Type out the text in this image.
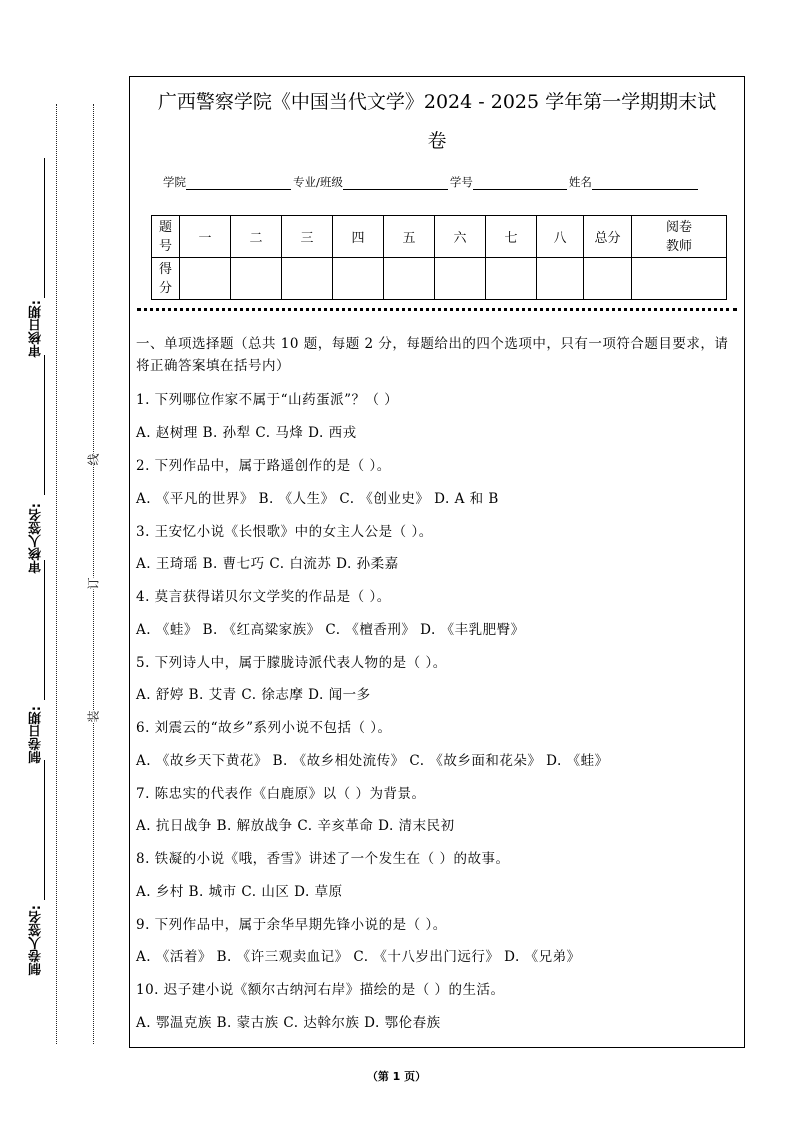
审核日期:
审核人签名:
制卷日期:
制卷人签名:
线
订
装
广西警察学院《中国当代文学》2024 - 2025 学年第一学期期末试
卷
学院	专业/班级	学号	姓名
题号	一	二	三	四	五	六	七	八	总分	阅卷教师
得分										
一、单项选择题（总共 10 题，每题 2 分，每题给出的四个选项中，只有一项符合题目要求，请将正确答案填在括号内）
1. 下列哪位作家不属于“山药蛋派”？（ ）
A. 赵树理 B. 孙犁 C. 马烽 D. 西戎
2. 下列作品中，属于路遥创作的是（ ）。
A. 《平凡的世界》 B. 《人生》 C. 《创业史》 D. A 和 B
3. 王安忆小说《长恨歌》中的女主人公是（ ）。
A. 王琦瑶 B. 曹七巧 C. 白流苏 D. 孙柔嘉
4. 莫言获得诺贝尔文学奖的作品是（ ）。
A. 《蛙》 B. 《红高粱家族》 C. 《檀香刑》 D. 《丰乳肥臀》
5. 下列诗人中，属于朦胧诗派代表人物的是（ ）。
A. 舒婷 B. 艾青 C. 徐志摩 D. 闻一多
6. 刘震云的“故乡”系列小说不包括（ ）。
A. 《故乡天下黄花》 B. 《故乡相处流传》 C. 《故乡面和花朵》 D. 《蛙》
7. 陈忠实的代表作《白鹿原》以（ ）为背景。
A. 抗日战争 B. 解放战争 C. 辛亥革命 D. 清末民初
8. 铁凝的小说《哦，香雪》讲述了一个发生在（ ）的故事。
A. 乡村 B. 城市 C. 山区 D. 草原
9. 下列作品中，属于余华早期先锋小说的是（ ）。
A. 《活着》 B. 《许三观卖血记》 C. 《十八岁出门远行》 D. 《兄弟》
10. 迟子建小说《额尔古纳河右岸》描绘的是（ ）的生活。
A. 鄂温克族 B. 蒙古族 C. 达斡尔族 D. 鄂伦春族
（第 1 页）
